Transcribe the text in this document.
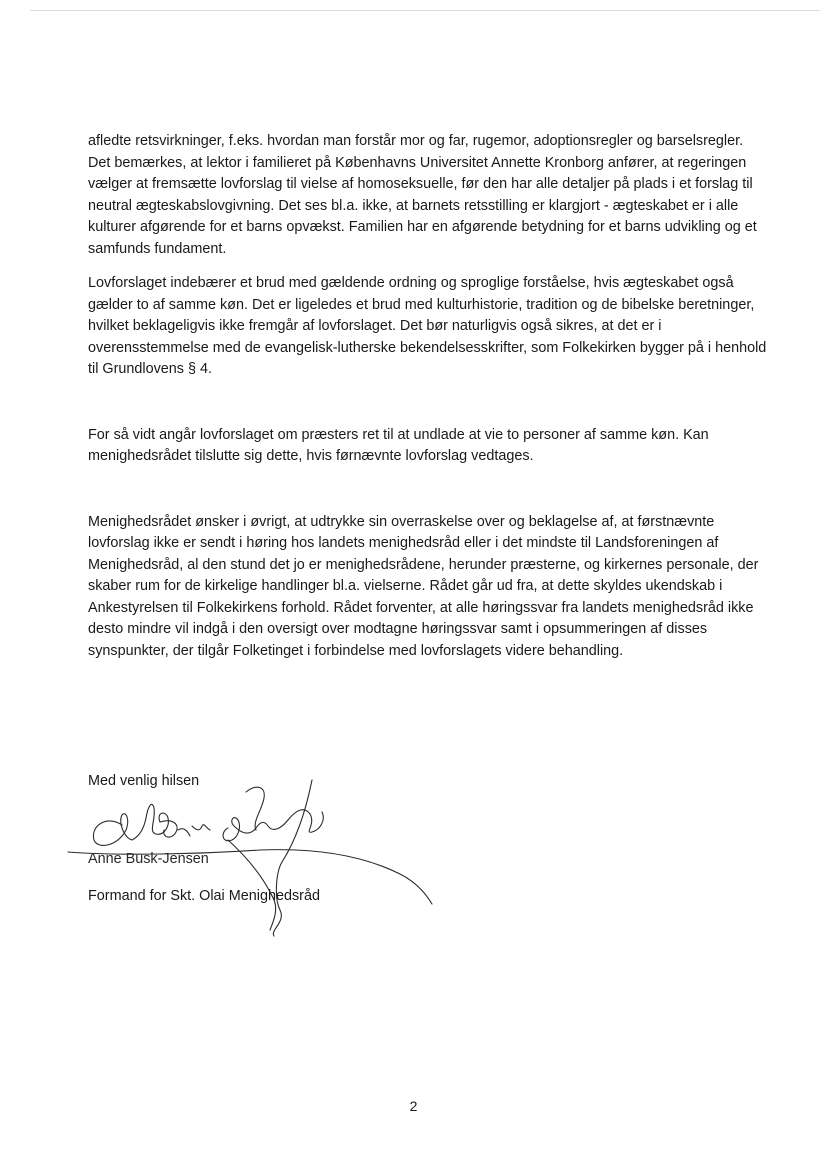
afledte retsvirkninger, f.eks. hvordan man forstår mor og far, rugemor, adoptionsregler og barselsregler. Det bemærkes, at lektor i familieret på Københavns Universitet Annette Kronborg anfører, at regeringen vælger at fremsætte lovforslag til vielse af homoseksuelle, før den har alle detaljer på plads i et forslag til neutral ægteskabslovgivning. Det ses bl.a. ikke, at barnets retsstilling er klargjort - ægteskabet er i alle kulturer afgørende for et barns opvækst. Familien har en afgørende betydning for et barns udvikling og et samfunds fundament.

Lovforslaget indebærer et brud med gældende ordning og sproglige forståelse, hvis ægteskabet også gælder to af samme køn. Det er ligeledes et brud med kulturhistorie, tradition og de bibelske beretninger, hvilket beklageligvis ikke fremgår af lovforslaget. Det bør naturligvis også sikres, at det er i overensstemmelse med de evangelisk-lutherske bekendelsesskrifter, som Folkekirken bygger på i henhold til Grundlovens § 4.

For så vidt angår lovforslaget om præsters ret til at undlade at vie to personer af samme køn. Kan menighedsrådet tilslutte sig dette, hvis førnævnte lovforslag vedtages.

Menighedsrådet ønsker i øvrigt, at udtrykke sin overraskelse over og beklagelse af, at førstnævnte lovforslag ikke er sendt i høring hos landets menighedsråd eller i det mindste til Landsforeningen af Menighedsråd, al den stund det jo er menighedsrådene, herunder præsterne, og kirkernes personale, der skaber rum for de kirkelige handlinger bl.a. vielserne. Rådet går ud fra, at dette skyldes ukendskab i Ankestyrelsen til Folkekirkens forhold. Rådet forventer, at alle høringssvar fra landets menighedsråd ikke desto mindre vil indgå i den oversigt over modtagne høringssvar samt i opsummeringen af disses synspunkter, der tilgår Folketinget i forbindelse med lovforslagets videre behandling.

Med venlig hilsen
Anne Busk-Jensen
Formand for Skt. Olai Menighedsråd
2
